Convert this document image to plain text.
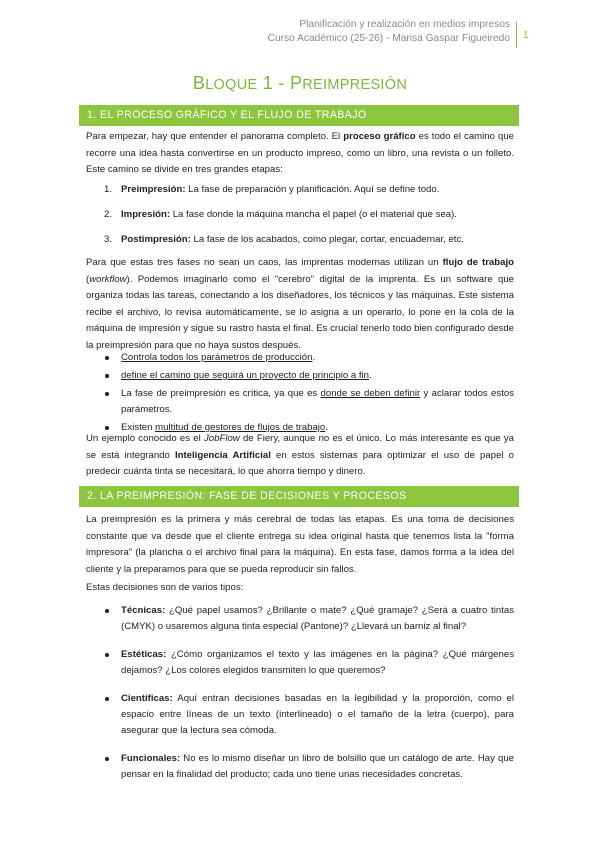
Planificación y realización en medios impresos
Curso Académico (25-26) - Marisa Gaspar Figueiredo 1
BLOQUE 1 - PREIMPRESIÓN
1. EL PROCESO GRÁFICO Y EL FLUJO DE TRABAJO
Para empezar, hay que entender el panorama completo. El proceso gráfico es todo el camino que recorre una idea hasta convertirse en un producto impreso, como un libro, una revista o un folleto. Este camino se divide en tres grandes etapas:
1. Preimpresión: La fase de preparación y planificación. Aquí se define todo.
2. Impresión: La fase donde la máquina mancha el papel (o el material que sea).
3. Postimpresión: La fase de los acabados, como plegar, cortar, encuadernar, etc.
Para que estas tres fases no sean un caos, las imprentas modernas utilizan un flujo de trabajo (workflow). Podemos imaginarlo como el "cerebro" digital de la imprenta. Es un software que organiza todas las tareas, conectando a los diseñadores, los técnicos y las máquinas. Este sistema recibe el archivo, lo revisa automáticamente, se lo asigna a un operario, lo pone en la cola de la máquina de impresión y sigue su rastro hasta el final. Es crucial tenerlo todo bien configurado desde la preimpresión para que no haya sustos después.
Controla todos los parámetros de producción.
define el camino que seguirá un proyecto de principio a fin.
La fase de preimpresión es crítica, ya que es donde se deben definir y aclarar todos estos parámetros.
Existen multitud de gestores de flujos de trabajo.
Un ejemplo conocido es el JobFlow de Fiery, aunque no es el único. Lo más interesante es que ya se está integrando Inteligencia Artificial en estos sistemas para optimizar el uso de papel o predecir cuánta tinta se necesitará, lo que ahorra tiempo y dinero.
2. LA PREIMPRESIÓN: FASE DE DECISIONES Y PROCESOS
La preimpresión es la primera y más cerebral de todas las etapas. Es una toma de decisiones constante que va desde que el cliente entrega su idea original hasta que tenemos lista la "forma impresora" (la plancha o el archivo final para la máquina). En esta fase, damos forma a la idea del cliente y la preparamos para que se pueda reproducir sin fallos.
Estas decisiones son de varios tipos:
Técnicas: ¿Qué papel usamos? ¿Brillante o mate? ¿Qué gramaje? ¿Será a cuatro tintas (CMYK) o usaremos alguna tinta especial (Pantone)? ¿Llevará un barniz al final?
Estéticas: ¿Cómo organizamos el texto y las imágenes en la página? ¿Qué márgenes dejamos? ¿Los colores elegidos transmiten lo que queremos?
Científicas: Aquí entran decisiones basadas en la legibilidad y la proporción, como el espacio entre líneas de un texto (interlineado) o el tamaño de la letra (cuerpo), para asegurar que la lectura sea cómoda.
Funcionales: No es lo mismo diseñar un libro de bolsillo que un catálogo de arte. Hay que pensar en la finalidad del producto; cada uno tiene unas necesidades concretas.
